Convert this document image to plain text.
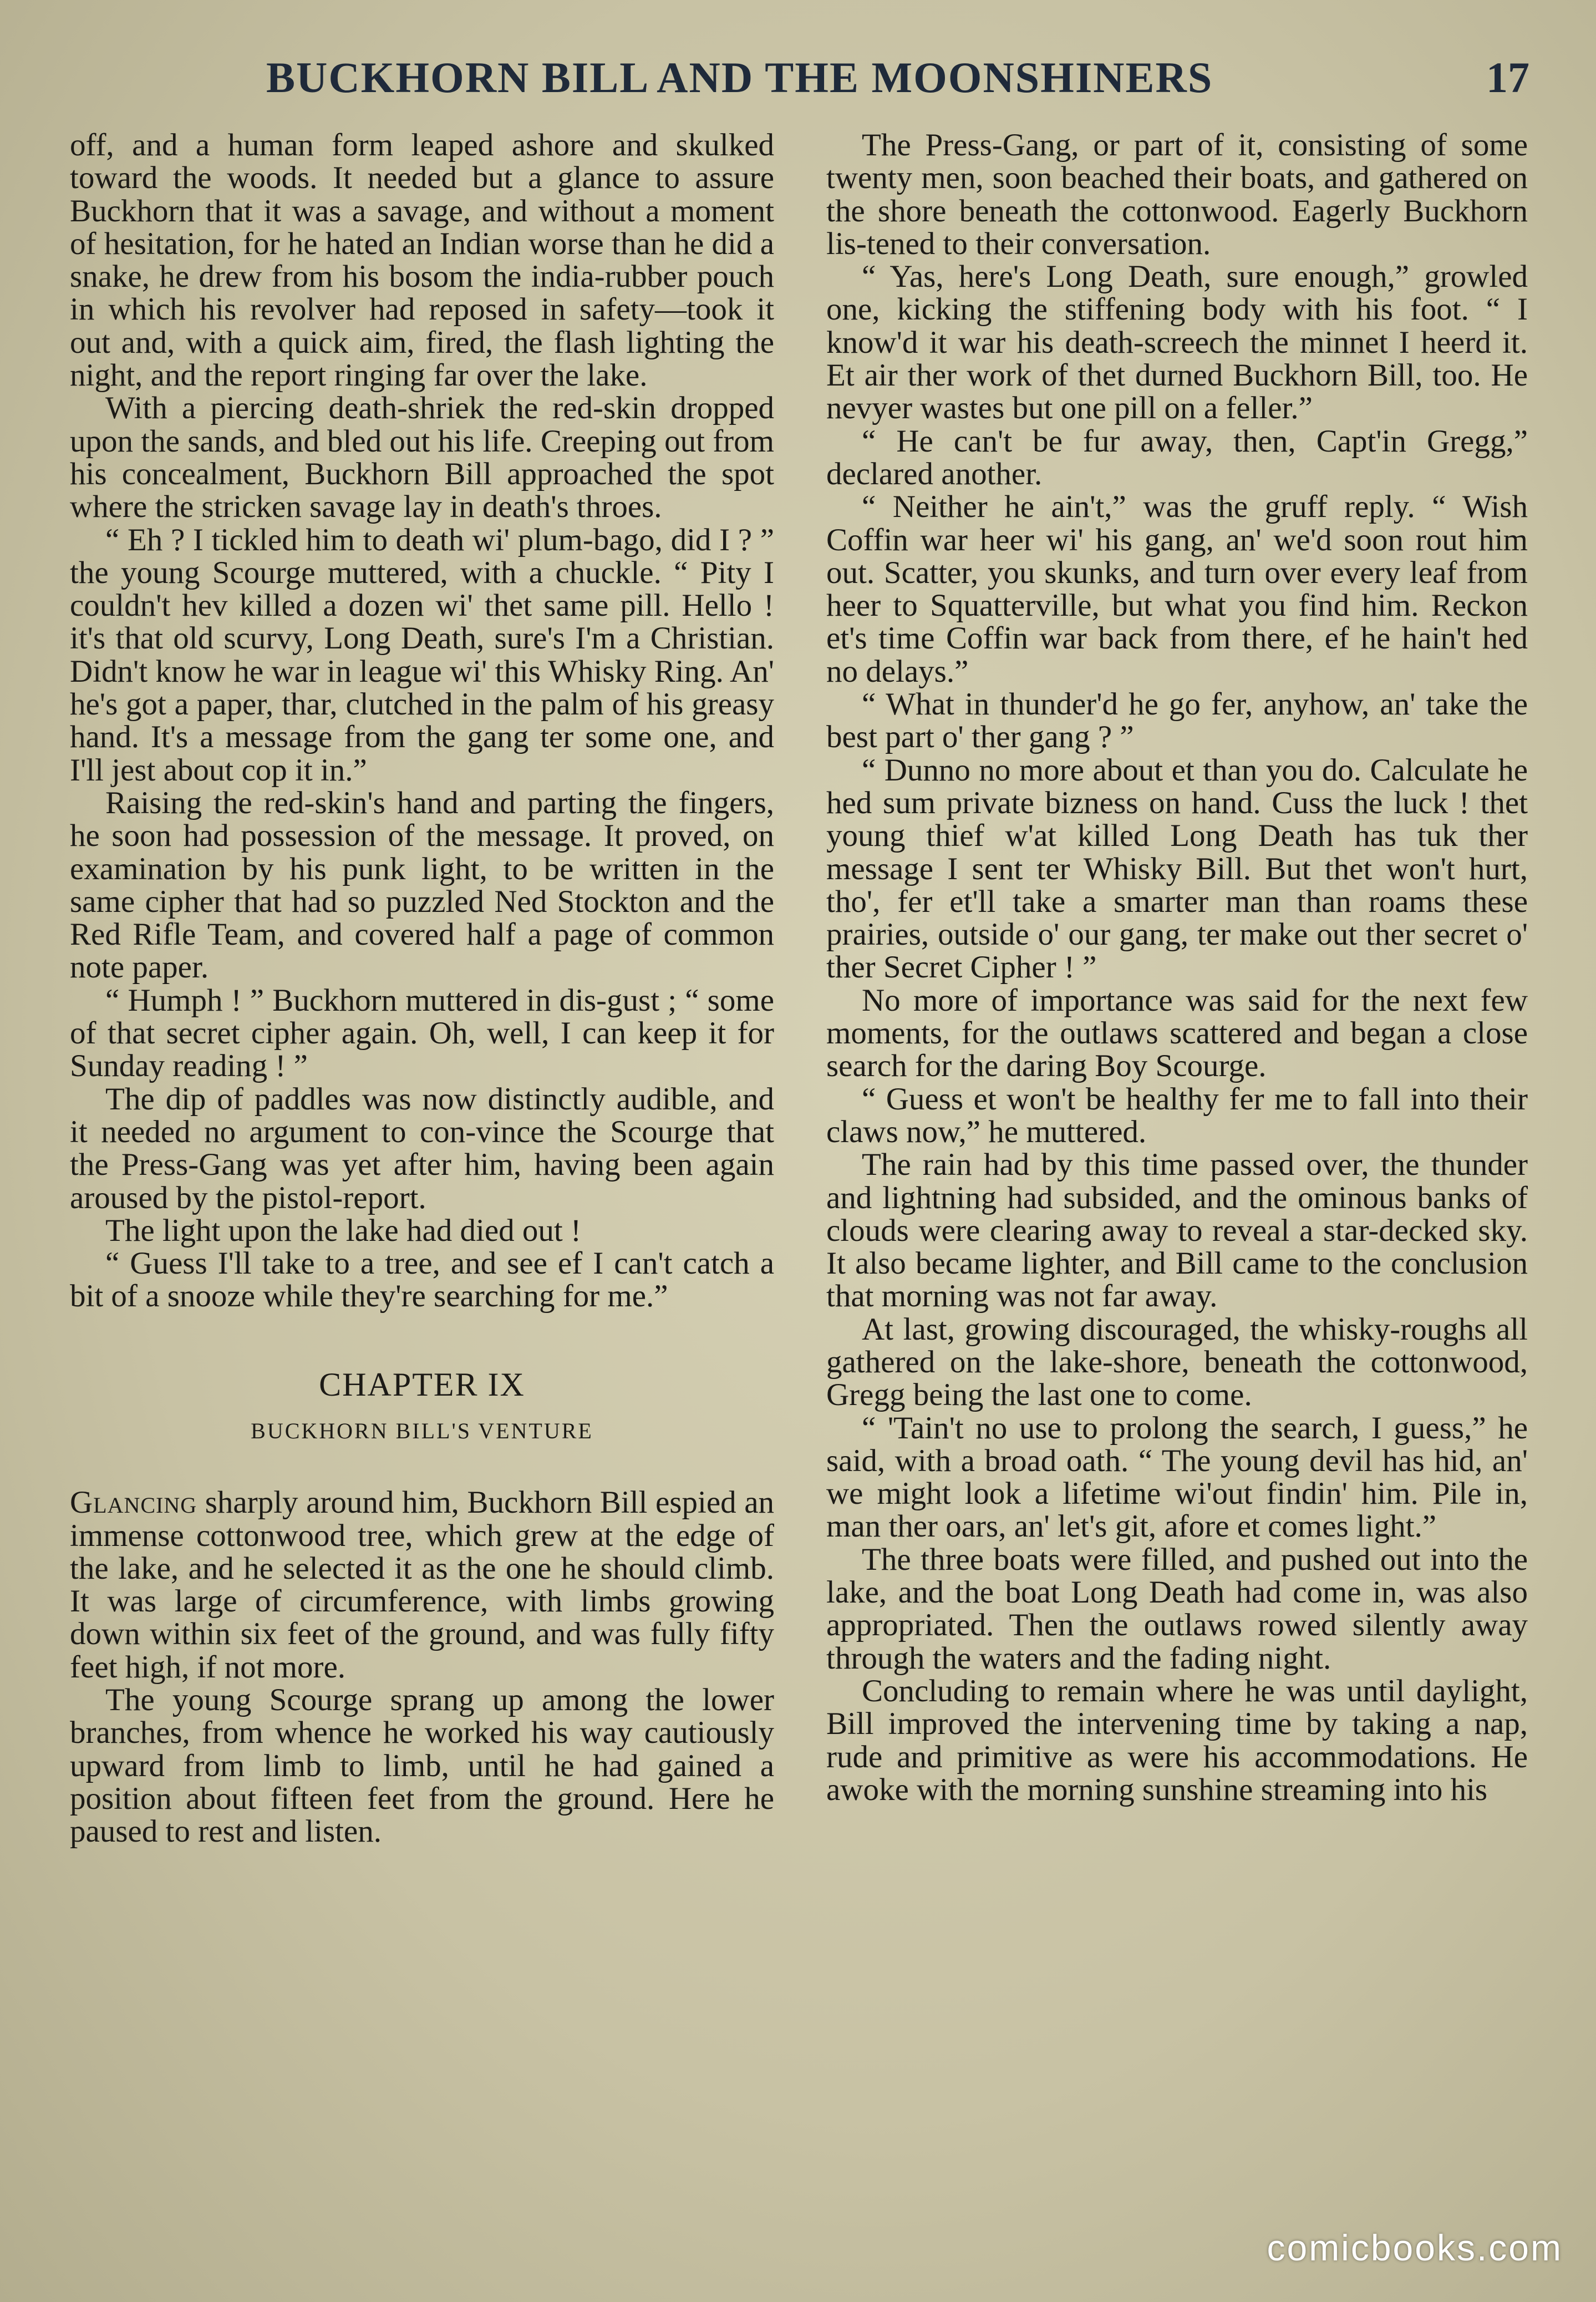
BUCKHORN BILL AND THE MOONSHINERS	17

off, and a human form leaped ashore and skulked toward the woods. It needed but a glance to assure Buckhorn that it was a savage, and without a moment of hesitation, for he hated an Indian worse than he did a snake, he drew from his bosom the india-rubber pouch in which his revolver had reposed in safety—took it out and, with a quick aim, fired, the flash lighting the night, and the report ringing far over the lake.

With a piercing death-shriek the red-skin dropped upon the sands, and bled out his life. Creeping out from his concealment, Buckhorn Bill approached the spot where the stricken savage lay in death's throes.

“ Eh ? I tickled him to death wi' plum-bago, did I ? ” the young Scourge muttered, with a chuckle. “ Pity I couldn't hev killed a dozen wi' thet same pill. Hello ! it's that old scurvy, Long Death, sure's I'm a Christian. Didn't know he war in league wi' this Whisky Ring. An' he's got a paper, thar, clutched in the palm of his greasy hand. It's a message from the gang ter some one, and I'll jest about cop it in.”

Raising the red-skin's hand and parting the fingers, he soon had possession of the message. It proved, on examination by his punk light, to be written in the same cipher that had so puzzled Ned Stockton and the Red Rifle Team, and covered half a page of common note paper.

“ Humph ! ” Buckhorn muttered in dis-gust ; “ some of that secret cipher again. Oh, well, I can keep it for Sunday reading ! ”

The dip of paddles was now distinctly audible, and it needed no argument to con-vince the Scourge that the Press-Gang was yet after him, having been again aroused by the pistol-report.

The light upon the lake had died out !

“ Guess I'll take to a tree, and see ef I can't catch a bit of a snooze while they're searching for me.”

CHAPTER IX
BUCKHORN BILL'S VENTURE

Glancing sharply around him, Buckhorn Bill espied an immense cottonwood tree, which grew at the edge of the lake, and he selected it as the one he should climb. It was large of circumference, with limbs growing down within six feet of the ground, and was fully fifty feet high, if not more.

The young Scourge sprang up among the lower branches, from whence he worked his way cautiously upward from limb to limb, until he had gained a position about fifteen feet from the ground. Here he paused to rest and listen.

The Press-Gang, or part of it, consisting of some twenty men, soon beached their boats, and gathered on the shore beneath the cottonwood. Eagerly Buckhorn lis-tened to their conversation.

“ Yas, here's Long Death, sure enough,” growled one, kicking the stiffening body with his foot. “ I know'd it war his death-screech the minnet I heerd it. Et air ther work of thet durned Buckhorn Bill, too. He nevyer wastes but one pill on a feller.”

“ He can't be fur away, then, Capt'in Gregg,” declared another.

“ Neither he ain't,” was the gruff reply. “ Wish Coffin war heer wi' his gang, an' we'd soon rout him out. Scatter, you skunks, and turn over every leaf from heer to Squatterville, but what you find him. Reckon et's time Coffin war back from there, ef he hain't hed no delays.”

“ What in thunder'd he go fer, anyhow, an' take the best part o' ther gang ? ”

“ Dunno no more about et than you do. Calculate he hed sum private bizness on hand. Cuss the luck ! thet young thief w'at killed Long Death has tuk ther message I sent ter Whisky Bill. But thet won't hurt, tho', fer et'll take a smarter man than roams these prairies, outside o' our gang, ter make out ther secret o' ther Secret Cipher ! ”

No more of importance was said for the next few moments, for the outlaws scattered and began a close search for the daring Boy Scourge.

“ Guess et won't be healthy fer me to fall into their claws now,” he muttered.

The rain had by this time passed over, the thunder and lightning had subsided, and the ominous banks of clouds were clearing away to reveal a star-decked sky. It also became lighter, and Bill came to the conclusion that morning was not far away.

At last, growing discouraged, the whisky-roughs all gathered on the lake-shore, beneath the cottonwood, Gregg being the last one to come.

“ 'Tain't no use to prolong the search, I guess,” he said, with a broad oath. “ The young devil has hid, an' we might look a lifetime wi'out findin' him. Pile in, man ther oars, an' let's git, afore et comes light.”

The three boats were filled, and pushed out into the lake, and the boat Long Death had come in, was also appropriated. Then the outlaws rowed silently away through the waters and the fading night.

Concluding to remain where he was until daylight, Bill improved the intervening time by taking a nap, rude and primitive as were his accommodations. He awoke with the morning sunshine streaming into his

comicbooks.com
